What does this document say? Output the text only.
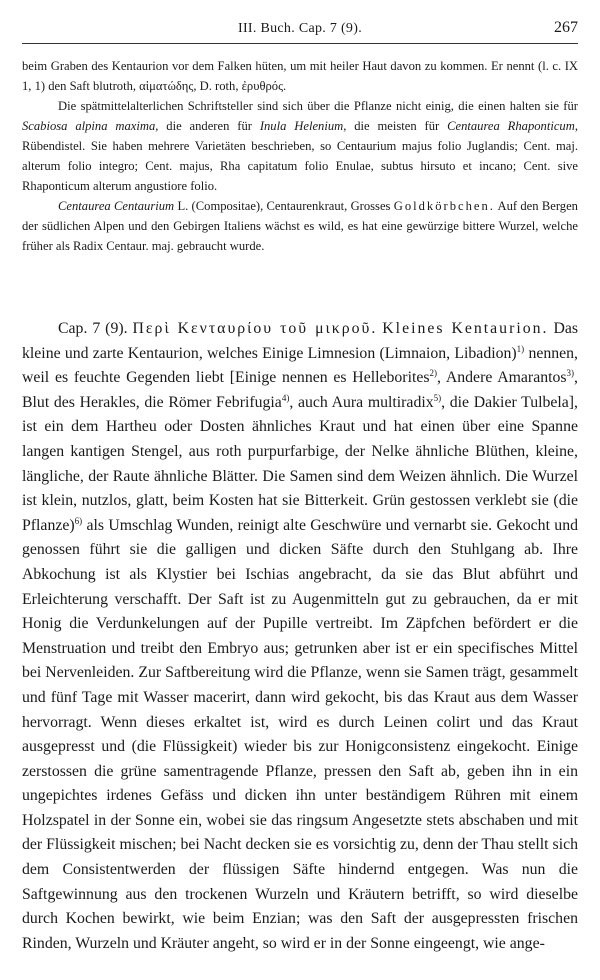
III. Buch. Cap. 7 (9).	267

beim Graben des Kentaurion vor dem Falken hüten, um mit heiler Haut davon zu kommen. Er nennt (l. c. IX 1, 1) den Saft blutroth, αἱματώδης, D. roth, ἐρυθρός.

Die spätmittelalterlichen Schriftsteller sind sich über die Pflanze nicht einig, die einen halten sie für Scabiosa alpina maxima, die anderen für Inula Helenium, die meisten für Centaurea Rhaponticum, Rübendistel. Sie haben mehrere Varietäten beschrieben, so Centaurium majus folio Juglandis; Cent. maj. alterum folio integro; Cent. majus, Rha capitatum folio Enulae, subtus hirsuto et incano; Cent. sive Rhaponticum alterum angustiore folio.

Centaurea Centaurium L. (Compositae), Centaurenkraut, Grosses Goldkörbchen. Auf den Bergen der südlichen Alpen und den Gebirgen Italiens wächst es wild, es hat eine gewürzige bittere Wurzel, welche früher als Radix Centaur. maj. gebraucht wurde.

Cap. 7 (9). Περὶ Κενταυρίου τοῦ μικροῦ. Kleines Kentaurion. Das kleine und zarte Kentaurion, welches Einige Limnesion (Limnaion, Libadion)$^{1)}$ nennen, weil es feuchte Gegenden liebt [Einige nennen es Helleborites$^{2)}$, Andere Amarantos$^{3)}$, Blut des Herakles, die Römer Febrifugia$^{4)}$, auch Aura multiradix$^{5)}$, die Dakier Tulbela], ist ein dem Hartheu oder Dosten ähnliches Kraut und hat einen über eine Spanne langen kantigen Stengel, aus roth purpurfarbige, der Nelke ähnliche Blüthen, kleine, längliche, der Raute ähnliche Blätter. Die Samen sind dem Weizen ähnlich. Die Wurzel ist klein, nutzlos, glatt, beim Kosten hat sie Bitterkeit. Grün gestossen verklebt sie (die Pflanze)$^{6)}$ als Umschlag Wunden, reinigt alte Geschwüre und vernarbt sie. Gekocht und genossen führt sie die galligen und dicken Säfte durch den Stuhlgang ab. Ihre Abkochung ist als Klystier bei Ischias angebracht, da sie das Blut abführt und Erleichterung verschafft. Der Saft ist zu Augenmitteln gut zu gebrauchen, da er mit Honig die Verdunkelungen auf der Pupille vertreibt. Im Zäpfchen befördert er die Menstruation und treibt den Embryo aus; getrunken aber ist er ein specifisches Mittel bei Nervenleiden. Zur Saftbereitung wird die Pflanze, wenn sie Samen trägt, gesammelt und fünf Tage mit Wasser macerirt, dann wird gekocht, bis das Kraut aus dem Wasser hervorragt. Wenn dieses erkaltet ist, wird es durch Leinen colirt und das Kraut ausgepresst und (die Flüssigkeit) wieder bis zur Honigconsistenz eingekocht. Einige zerstossen die grüne samentragende Pflanze, pressen den Saft ab, geben ihn in ein ungepichtes irdenes Gefäss und dicken ihn unter beständigem Rühren mit einem Holzspatel in der Sonne ein, wobei sie das ringsum Angesetzte stets abschaben und mit der Flüssigkeit mischen; bei Nacht decken sie es vorsichtig zu, denn der Thau stellt sich dem Consistentwerden der flüssigen Säfte hindernd entgegen. Was nun die Saftgewinnung aus den trockenen Wurzeln und Kräutern betrifft, so wird dieselbe durch Kochen bewirkt, wie beim Enzian; was den Saft der ausgepressten frischen Rinden, Wurzeln und Kräuter angeht, so wird er in der Sonne eingeengt, wie ange-
